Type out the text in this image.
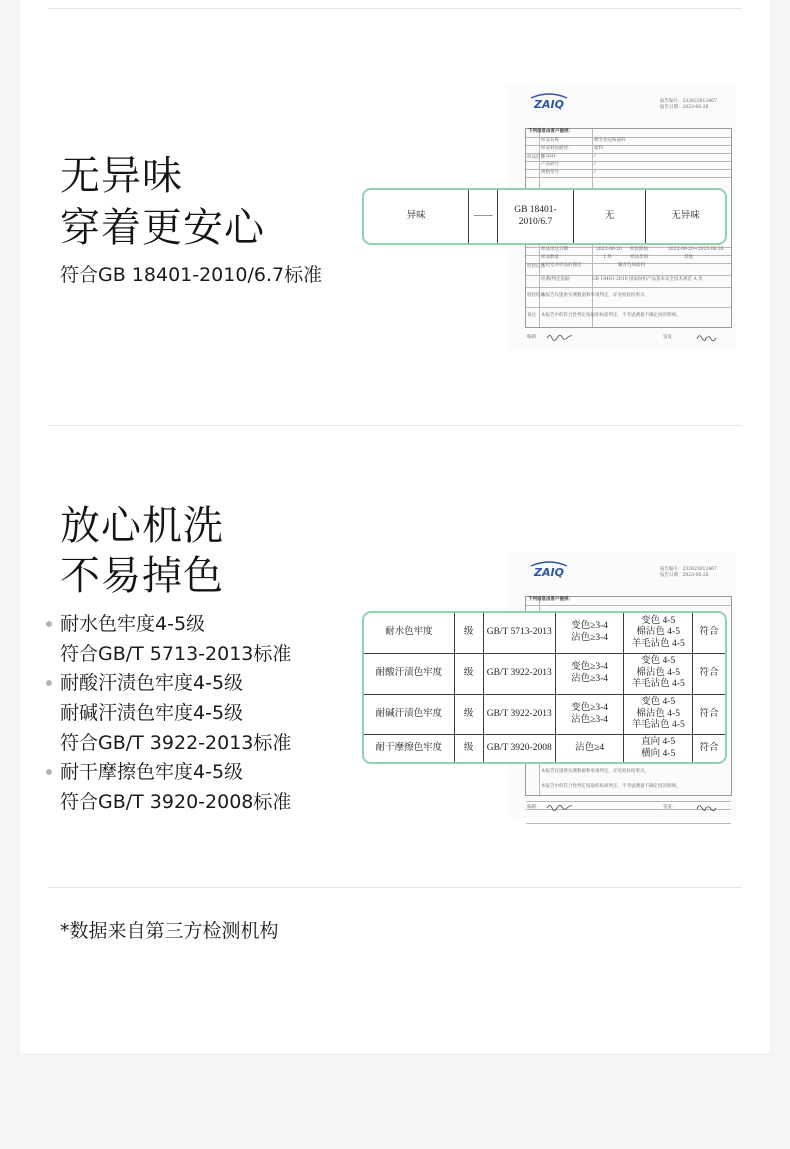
无异味
穿着更安心
符合GB 18401-2010/6.7标准
ZAIQ	报告编号：232623012467
报告日期：2023-06-26
下列信息由客户提供：
样品信息
样品名称：
样品材质描述：
样品ID：
产品款号：
规格型号：
秋冬卷边袜面料
面料
/
/
/
样品送达日期：	2023-06-20 检验期间：	2023-06-20~2023-06-26
样品数量：	1 块	样品类别：	其他
检验信息
实验室对样品的描述：	藏青色绒面料
检测/判定依据：	GB 18401-2010 国家纺织产品基本安全技术规范 A 类
检验结论
本报告仅提供实测数据和单项判定，详见检验结果页。
备注 本报告中的符合性判定按取样标准判定，不考虑测量不确定度的影响。
编制：	签发：
异味	——	GB 18401-2010/6.7	无	无异味
放心机洗
不易掉色
耐水色牢度4-5级
符合GB/T 5713-2013标准
耐酸汗渍色牢度4-5级
耐碱汗渍色牢度4-5级
符合GB/T 3922-2013标准
耐干摩擦色牢度4-5级
符合GB/T 3920-2008标准
ZAIQ	报告编号：232623012467
报告日期：2023-06-26
下列信息由客户提供：
本报告仅提供实测数据和单项判定，详见检验结果页。
本报告中的符合性判定按取样标准判定，不考虑测量不确定度的影响。
编制：	签发：
耐水色牢度	级	GB/T 5713-2013	变色≥3-4
沾色≥3-4	变色 4-5
棉沾色 4-5
羊毛沾色 4-5	符合
耐酸汗渍色牢度	级	GB/T 3922-2013	变色≥3-4
沾色≥3-4	变色 4-5
棉沾色 4-5
羊毛沾色 4-5	符合
耐碱汗渍色牢度	级	GB/T 3922-2013	变色≥3-4
沾色≥3-4	变色 4-5
棉沾色 4-5
羊毛沾色 4-5	符合
耐干摩擦色牢度	级	GB/T 3920-2008	沾色≥4	直向 4-5
横向 4-5	符合
*数据来自第三方检测机构
